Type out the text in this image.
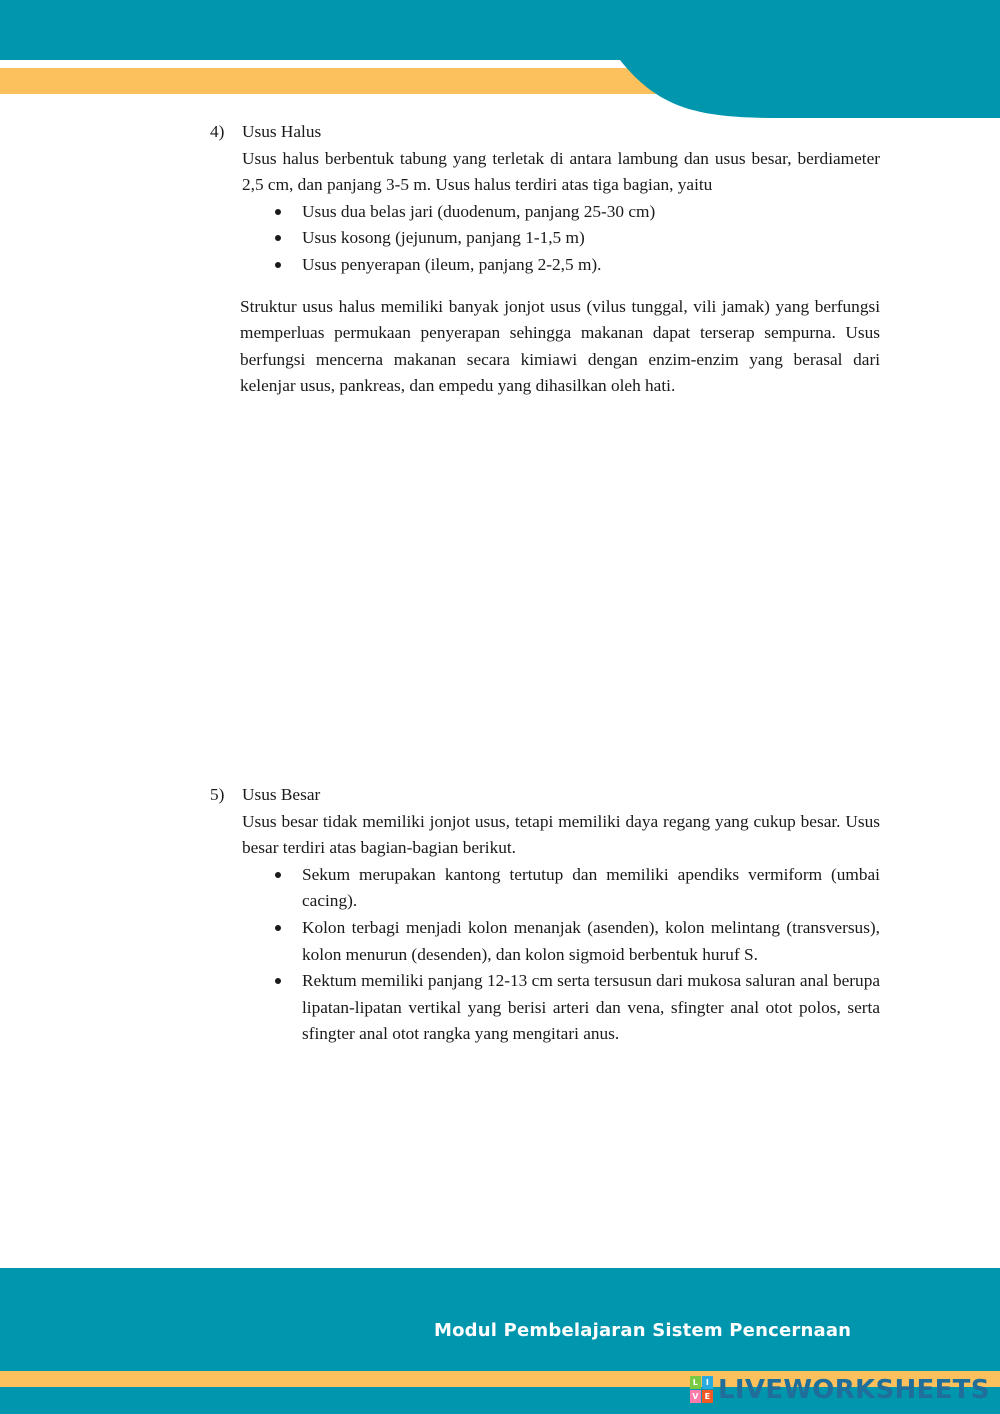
4)	Usus Halus
Usus halus berbentuk tabung yang terletak di antara lambung dan usus besar, berdiameter 2,5 cm, dan panjang 3-5 m. Usus halus terdiri atas tiga bagian, yaitu
Usus dua belas jari (duodenum, panjang 25-30 cm)
Usus kosong (jejunum, panjang 1-1,5 m)
Usus penyerapan (ileum, panjang 2-2,5 m).
Struktur usus halus memiliki banyak jonjot usus (vilus tunggal, vili jamak) yang berfungsi memperluas permukaan penyerapan sehingga makanan dapat terserap sempurna. Usus berfungsi mencerna makanan secara kimiawi dengan enzim-enzim yang berasal dari kelenjar usus, pankreas, dan empedu yang dihasilkan oleh hati.
5)	Usus Besar
Usus besar tidak memiliki jonjot usus, tetapi memiliki daya regang yang cukup besar. Usus besar terdiri atas bagian-bagian berikut.
Sekum merupakan kantong tertutup dan memiliki apendiks vermiform (umbai cacing).
Kolon terbagi menjadi kolon menanjak (asenden), kolon melintang (transversus), kolon menurun (desenden), dan kolon sigmoid berbentuk huruf S.
Rektum memiliki panjang 12-13 cm serta tersusun dari mukosa saluran anal berupa lipatan-lipatan vertikal yang berisi arteri dan vena, sfingter anal otot polos, serta sfingter anal otot rangka yang mengitari anus.
Modul Pembelajaran Sistem Pencernaan
L I
V E LIVEWORKSHEETS
